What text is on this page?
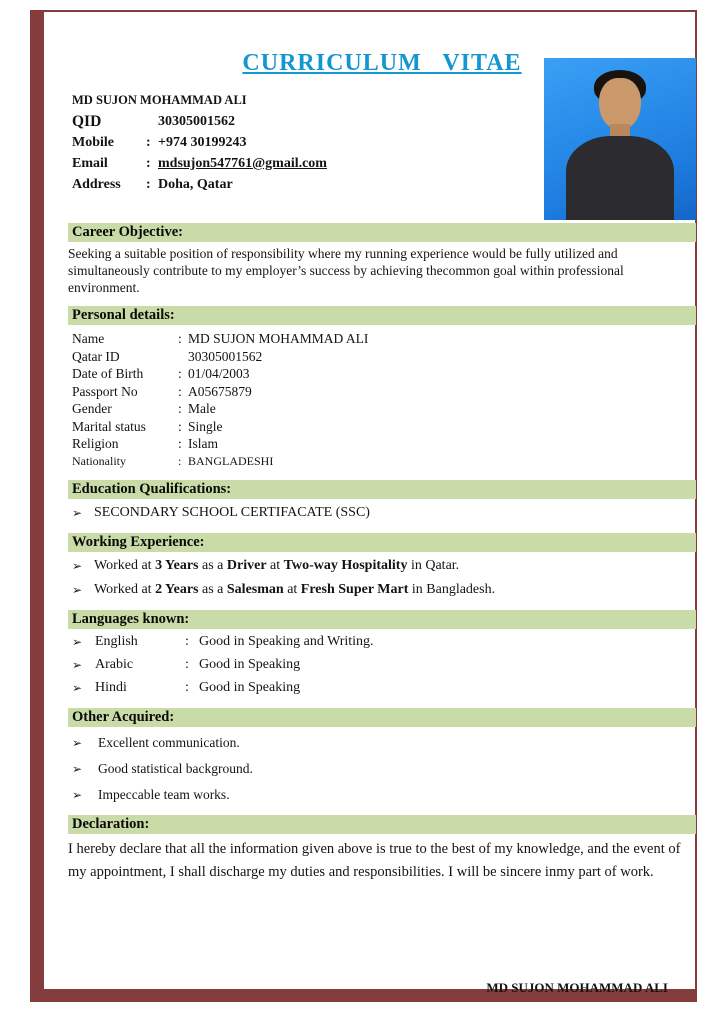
CURRICULUM VITAE
MD SUJON MOHAMMAD ALI
QID	30305001562
Mobile	: +974 30199243
Email	: mdsujon547761@gmail.com
Address	: Doha, Qatar
Career Objective:

Seeking a suitable position of responsibility where my running experience would be fully utilized and simultaneously contribute to my employer’s success by achieving thecommon goal within professional environment.

Personal details:
Name	: MD SUJON MOHAMMAD ALI
Qatar ID	30305001562
Date of Birth	: 01/04/2003
Passport No	: A05675879
Gender	: Male
Marital status	: Single
Religion	: Islam
Nationality	: BANGLADESHI
Education Qualifications:
➢ SECONDARY SCHOOL CERTIFACATE (SSC)
Working Experience:
➢ Worked at 3 Years as a Driver at Two-way Hospitality in Qatar.
➢ Worked at 2 Years as a Salesman at Fresh Super Mart in Bangladesh.
Languages known:
➢ English	: Good in Speaking and Writing.
➢ Arabic	: Good in Speaking
➢ Hindi	: Good in Speaking
Other Acquired:
➢	Excellent communication.
➢	Good statistical background.
➢	Impeccable team works.
Declaration:

I hereby declare that all the information given above is true to the best of my knowledge, and the event of my appointment, I shall discharge my duties and responsibilities. I will be sincere inmy part of work.

MD SUJON MOHAMMAD ALI
